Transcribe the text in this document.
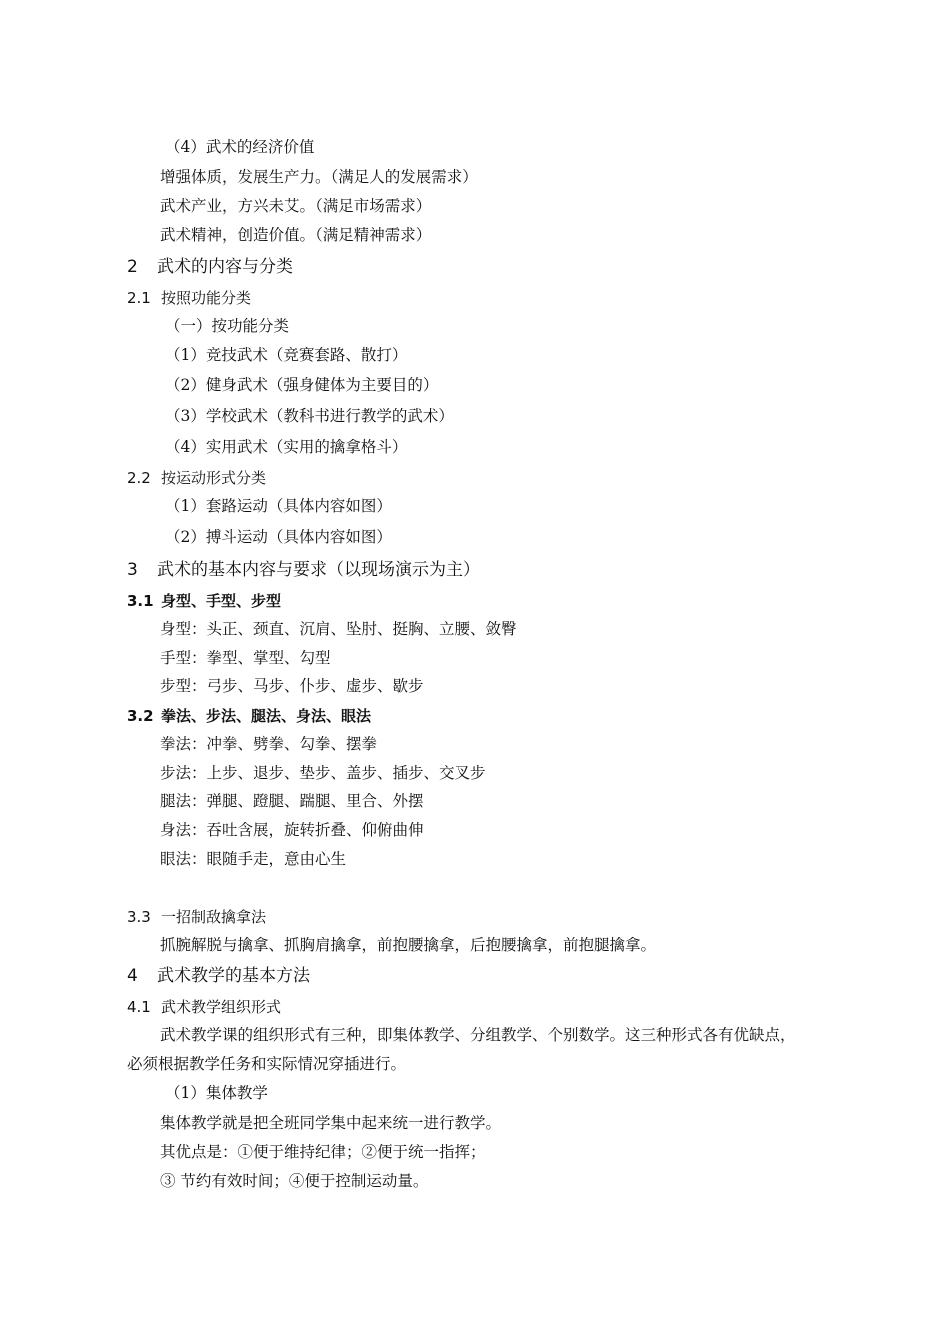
（4）武术的经济价值
增强体质，发展生产力。（满足人的发展需求）
武术产业，方兴未艾。（满足市场需求）
武术精神，创造价值。（满足精神需求）
2 武术的内容与分类
2.1 按照功能分类
（一）按功能分类
（1）竞技武术（竞赛套路、散打）
（2）健身武术（强身健体为主要目的）
（3）学校武术（教科书进行教学的武术）
（4）实用武术（实用的擒拿格斗）
2.2 按运动形式分类
（1）套路运动（具体内容如图）
（2）搏斗运动（具体内容如图）
3 武术的基本内容与要求（以现场演示为主）
3.1 身型、手型、步型
身型：头正、颈直、沉肩、坠肘、挺胸、立腰、敛臀
手型：拳型、掌型、勾型
步型：弓步、马步、仆步、虚步、歇步
3.2 拳法、步法、腿法、身法、眼法
拳法：冲拳、劈拳、勾拳、摆拳
步法：上步、退步、垫步、盖步、插步、交叉步
腿法：弹腿、蹬腿、踹腿、里合、外摆
身法：吞吐含展，旋转折叠、仰俯曲伸
眼法：眼随手走，意由心生
3.3 一招制敌擒拿法
抓腕解脱与擒拿、抓胸肩擒拿，前抱腰擒拿，后抱腰擒拿，前抱腿擒拿。
4 武术教学的基本方法
4.1 武术教学组织形式
武术教学课的组织形式有三种，即集体教学、分组教学、个别数学。这三种形式各有优缺点，
必须根据教学任务和实际情况穿插进行。
（1）集体教学
集体教学就是把全班同学集中起来统一进行教学。
其优点是：①便于维持纪律；②便于统一指挥；
③ 节约有效时间；④便于控制运动量。
